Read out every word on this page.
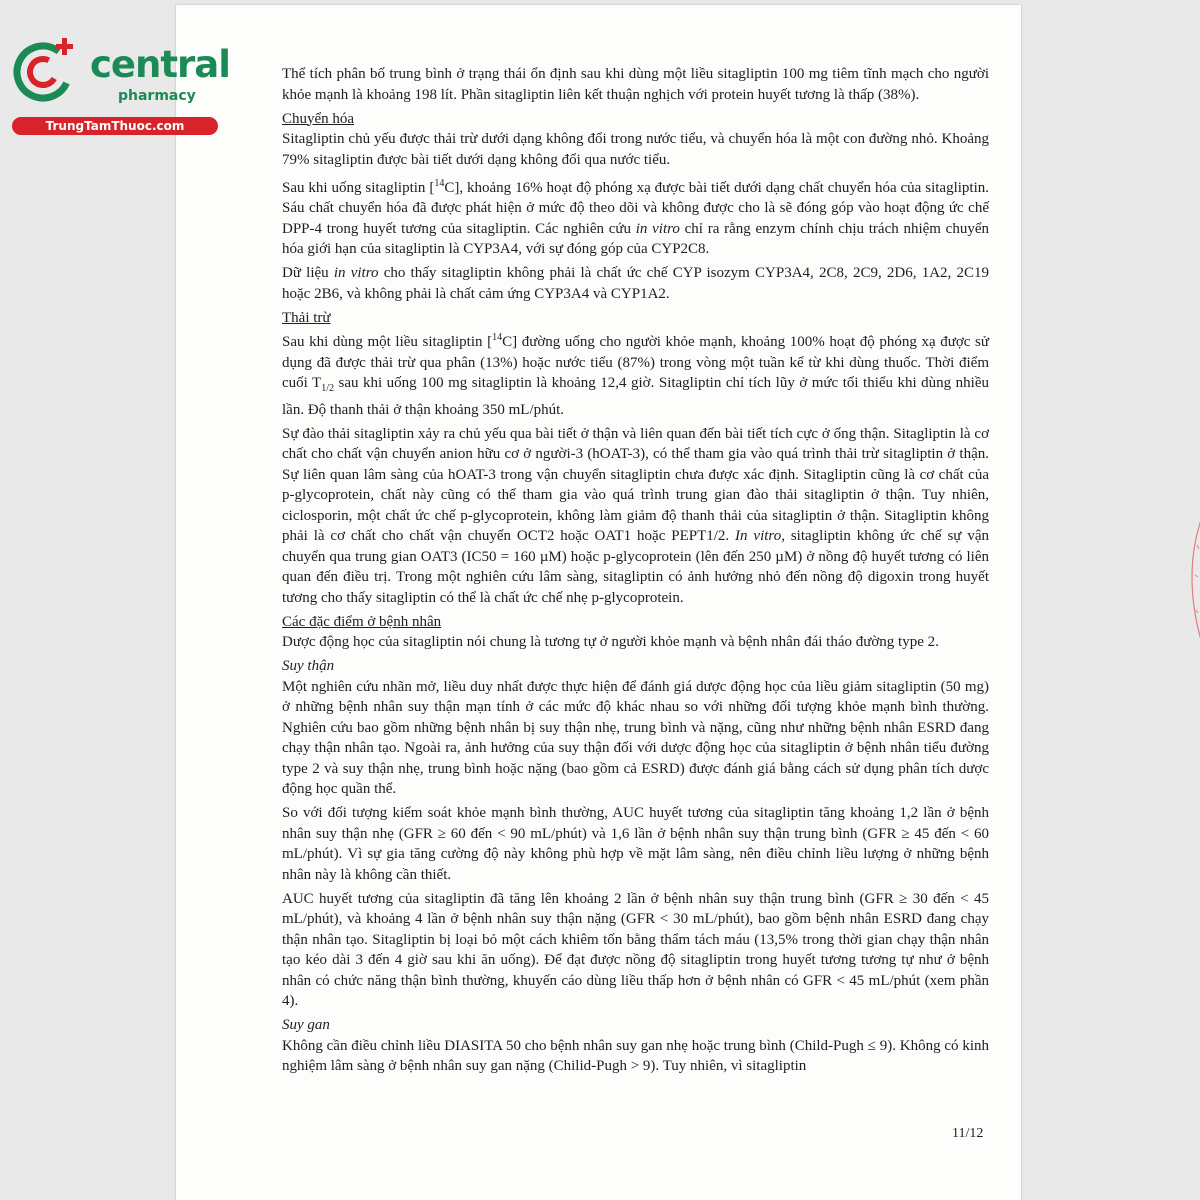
central
pharmacy
TrungTamThuoc.com

Thể tích phân bố trung bình ở trạng thái ổn định sau khi dùng một liều sitagliptin 100 mg tiêm tĩnh mạch cho người khỏe mạnh là khoảng 198 lít. Phần sitagliptin liên kết thuận nghịch với protein huyết tương là thấp (38%).

Chuyển hóa

Sitagliptin chủ yếu được thải trừ dưới dạng không đổi trong nước tiểu, và chuyển hóa là một con đường nhỏ. Khoảng 79% sitagliptin được bài tiết dưới dạng không đổi qua nước tiểu.

Sau khi uống sitagliptin [$^{14}$C], khoảng 16% hoạt độ phóng xạ được bài tiết dưới dạng chất chuyển hóa của sitagliptin. Sáu chất chuyển hóa đã được phát hiện ở mức độ theo dõi và không được cho là sẽ đóng góp vào hoạt động ức chế DPP-4 trong huyết tương của sitagliptin. Các nghiên cứu in vitro chỉ ra rằng enzym chính chịu trách nhiệm chuyển hóa giới hạn của sitagliptin là CYP3A4, với sự đóng góp của CYP2C8.

Dữ liệu in vitro cho thấy sitagliptin không phải là chất ức chế CYP isozym CYP3A4, 2C8, 2C9, 2D6, 1A2, 2C19 hoặc 2B6, và không phải là chất cảm ứng CYP3A4 và CYP1A2.

Thải trừ

Sau khi dùng một liều sitagliptin [$^{14}$C] đường uống cho người khỏe mạnh, khoảng 100% hoạt độ phóng xạ được sử dụng đã được thải trừ qua phân (13%) hoặc nước tiểu (87%) trong vòng một tuần kể từ khi dùng thuốc. Thời điểm cuối $T_{1/2}$ sau khi uống 100 mg sitagliptin là khoảng 12,4 giờ. Sitagliptin chỉ tích lũy ở mức tối thiểu khi dùng nhiều lần. Độ thanh thải ở thận khoảng 350 mL/phút.

Sự đào thải sitagliptin xảy ra chủ yếu qua bài tiết ở thận và liên quan đến bài tiết tích cực ở ống thận. Sitagliptin là cơ chất cho chất vận chuyển anion hữu cơ ở người-3 (hOAT-3), có thể tham gia vào quá trình thải trừ sitagliptin ở thận. Sự liên quan lâm sàng của hOAT-3 trong vận chuyển sitagliptin chưa được xác định. Sitagliptin cũng là cơ chất của p-glycoprotein, chất này cũng có thể tham gia vào quá trình trung gian đào thải sitagliptin ở thận. Tuy nhiên, ciclosporin, một chất ức chế p-glycoprotein, không làm giảm độ thanh thải của sitagliptin ở thận. Sitagliptin không phải là cơ chất cho chất vận chuyển OCT2 hoặc OAT1 hoặc PEPT1/2. In vitro, sitagliptin không ức chế sự vận chuyển qua trung gian OAT3 (IC50 = 160 µM) hoặc p-glycoprotein (lên đến 250 µM) ở nồng độ huyết tương có liên quan đến điều trị. Trong một nghiên cứu lâm sàng, sitagliptin có ảnh hưởng nhỏ đến nồng độ digoxin trong huyết tương cho thấy sitagliptin có thể là chất ức chế nhẹ p-glycoprotein.

Các đặc điểm ở bệnh nhân

Dược động học của sitagliptin nói chung là tương tự ở người khỏe mạnh và bệnh nhân đái tháo đường type 2.

Suy thận

Một nghiên cứu nhãn mở, liều duy nhất được thực hiện để đánh giá dược động học của liều giảm sitagliptin (50 mg) ở những bệnh nhân suy thận mạn tính ở các mức độ khác nhau so với những đối tượng khỏe mạnh bình thường. Nghiên cứu bao gồm những bệnh nhân bị suy thận nhẹ, trung bình và nặng, cũng như những bệnh nhân ESRD đang chạy thận nhân tạo. Ngoài ra, ảnh hưởng của suy thận đối với dược động học của sitagliptin ở bệnh nhân tiểu đường type 2 và suy thận nhẹ, trung bình hoặc nặng (bao gồm cả ESRD) được đánh giá bằng cách sử dụng phân tích dược động học quần thể.

So với đối tượng kiểm soát khỏe mạnh bình thường, AUC huyết tương của sitagliptin tăng khoảng 1,2 lần ở bệnh nhân suy thận nhẹ (GFR ≥ 60 đến < 90 mL/phút) và 1,6 lần ở bệnh nhân suy thận trung bình (GFR ≥ 45 đến < 60 mL/phút). Vì sự gia tăng cường độ này không phù hợp về mặt lâm sàng, nên điều chỉnh liều lượng ở những bệnh nhân này là không cần thiết.

AUC huyết tương của sitagliptin đã tăng lên khoảng 2 lần ở bệnh nhân suy thận trung bình (GFR ≥ 30 đến < 45 mL/phút), và khoảng 4 lần ở bệnh nhân suy thận nặng (GFR < 30 mL/phút), bao gồm bệnh nhân ESRD đang chạy thận nhân tạo. Sitagliptin bị loại bỏ một cách khiêm tốn bằng thẩm tách máu (13,5% trong thời gian chạy thận nhân tạo kéo dài 3 đến 4 giờ sau khi ăn uống). Để đạt được nồng độ sitagliptin trong huyết tương tương tự như ở bệnh nhân có chức năng thận bình thường, khuyến cáo dùng liều thấp hơn ở bệnh nhân có GFR < 45 mL/phút (xem phần 4).

Suy gan

Không cần điều chỉnh liều DIASITA 50 cho bệnh nhân suy gan nhẹ hoặc trung bình (Child-Pugh ≤ 9). Không có kinh nghiệm lâm sàng ở bệnh nhân suy gan nặng (Chilid-Pugh > 9). Tuy nhiên, vì sitagliptin

11/12
